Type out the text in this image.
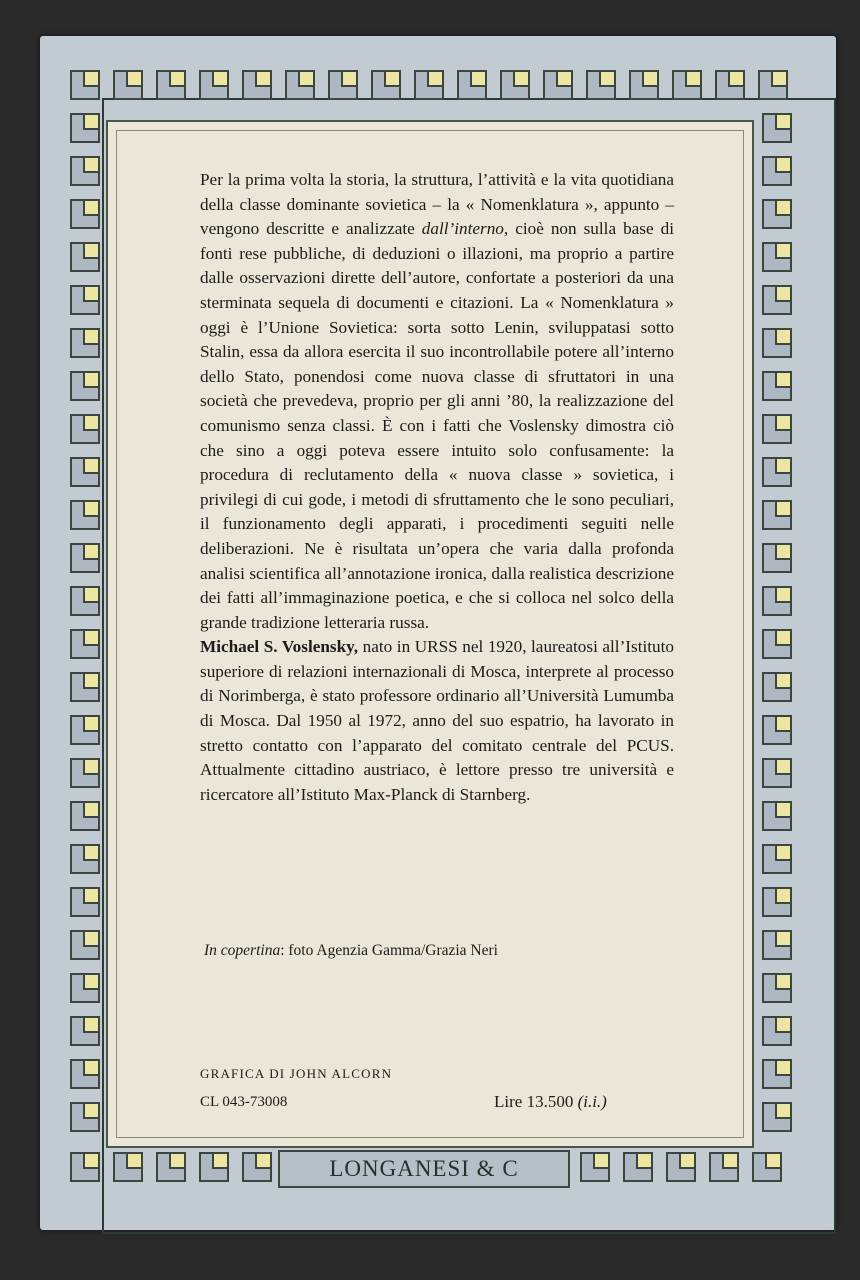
Per la prima volta la storia, la struttura, l’attività e la vita quotidiana della classe dominante sovietica – la « Nomenklatura », appunto – vengono descritte e analizzate dall’interno, cioè non sulla base di fonti rese pubbliche, di deduzioni o illazioni, ma proprio a partire dalle osservazioni dirette dell’autore, confortate a posteriori da una sterminata sequela di documenti e citazioni. La « Nomenklatura » oggi è l’Unione Sovietica: sorta sotto Lenin, sviluppatasi sotto Stalin, essa da allora esercita il suo incontrollabile potere all’interno dello Stato, ponendosi come nuova classe di sfruttatori in una società che prevedeva, proprio per gli anni ’80, la realizzazione del comunismo senza classi. È con i fatti che Voslensky dimostra ciò che sino a oggi poteva essere intuito solo confusamente: la procedura di reclutamento della « nuova classe » sovietica, i privilegi di cui gode, i metodi di sfruttamento che le sono peculiari, il funzionamento degli apparati, i procedimenti seguiti nelle deliberazioni. Ne è risultata un’opera che varia dalla profonda analisi scientifica all’annotazione ironica, dalla realistica descrizione dei fatti all’immaginazione poetica, e che si colloca nel solco della grande tradizione letteraria russa.

Michael S. Voslensky, nato in URSS nel 1920, laureatosi all’Istituto superiore di relazioni internazionali di Mosca, interprete al processo di Norimberga, è stato professore ordinario all’Università Lumumba di Mosca. Dal 1950 al 1972, anno del suo espatrio, ha lavorato in stretto contatto con l’apparato del comitato centrale del PCUS. Attualmente cittadino austriaco, è lettore presso tre università e ricercatore all’Istituto Max-Planck di Starnberg.

In copertina: foto Agenzia Gamma/Grazia Neri
GRAFICA DI JOHN ALCORN
CL 043-73008	Lire 13.500 (i.i.)
LONGANESI & C
